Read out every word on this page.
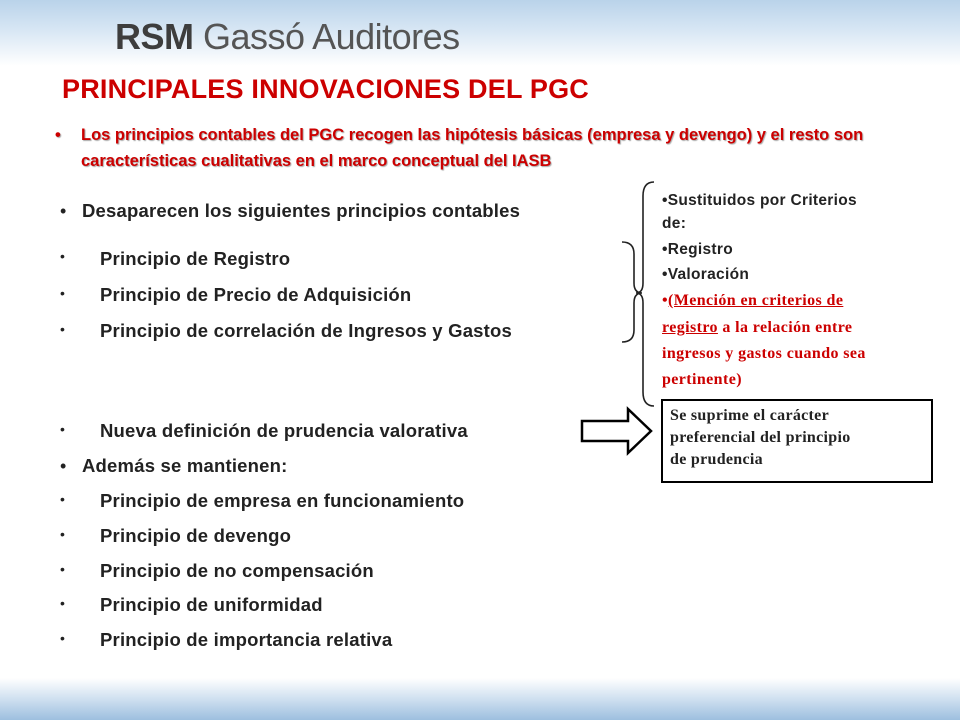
RSM Gassó Auditores
PRINCIPALES INNOVACIONES DEL PGC
•	Los principios contables del PGC recogen las hipótesis básicas (empresa y devengo) y el resto son características cualitativas en el marco conceptual del IASB
• Desaparecen los siguientes principios contables
• Principio de Registro
• Principio de Precio de Adquisición
• Principio de correlación de Ingresos y Gastos
• Nueva definición de prudencia valorativa
• Además se mantienen:
• Principio de empresa en funcionamiento
• Principio de devengo
• Principio de no compensación
• Principio de uniformidad
• Principio de importancia relativa
•Sustituidos por Criterios
de:
•Registro
•Valoración
•(Mención en criterios de
registro a la relación entre
ingresos y gastos cuando sea
pertinente)
Se suprime el carácter
preferencial del principio
de prudencia
